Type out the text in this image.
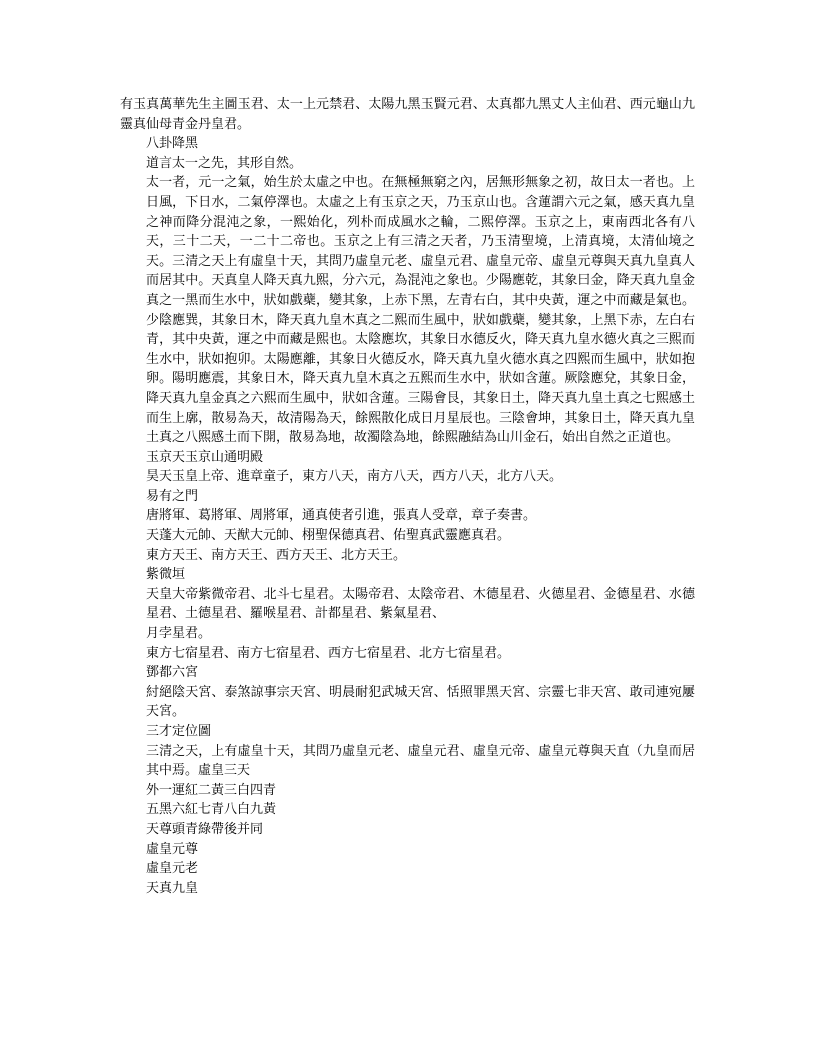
有玉真萬華先生主圖玉君、太一上元禁君、太陽九黑玉賢元君、太真都九黑丈人主仙君、西元龜山九靈真仙母青金丹皇君。

八卦降黑

道言太一之先，其形自然。

太一者，元一之氣，始生於太虛之中也。在無極無窮之內，居無形無象之初，故日太一者也。上日風，下日水，二氣停澤也。太虛之上有玉京之天，乃玉京山也。含蓮謂六元之氣，感天真九皇之神而降分混沌之象，一熙始化，列朴而成風水之輪，二熙停澤。玉京之上，東南西北各有八天，三十二天，一二十二帝也。玉京之上有三清之天者，乃玉清聖境，上清真境，太清仙境之天。三清之天上有虛皇十天，其問乃虛皇元老、虛皇元君、虛皇元帝、虛皇元尊與天真九皇真人而居其中。天真皇人降天真九熙，分六元，為混沌之象也。少陽應乾，其象曰金，降天真九皇金真之一黑而生水中，狀如戲蘗，變其象，上赤下黑，左青右白，其中央黃，運之中而藏是氣也。少陰應巽，其象日木，降天真九皇木真之二熙而生風中，狀如戲蘗，變其象，上黑下赤，左白右青，其中央黃，運之中而藏是熙也。太陰應坎，其象日水德反火，降天真九皇水德火真之三熙而生水中，狀如抱卯。太陽應離，其象日火德反水，降天真九皇火德水真之四熙而生風中，狀如抱卵。陽明應震，其象日木，降天真九皇木真之五熙而生水中，狀如含蓮。厥陰應兌，其象日金，降天真九皇金真之六熙而生風中，狀如含蓮。三陽會艮，其象日土，降天真九皇土真之七熙感土而生上廓，散易為天，故清陽為天，餘熙散化成日月星辰也。三陰會坤，其象日土，降天真九皇土真之八熙感土而下開，散易為地，故濁陰為地，餘熙融結為山川金石，始出自然之正道也。

玉京天玉京山通明殿

昊天玉皇上帝、進章童子，東方八天，南方八天，西方八天，北方八天。

易有之門

唐將軍、葛將軍、周將軍，通真使者引進，張真人受章，章子奏書。

天蓬大元帥、天猷大元帥、栩聖保德真君、佑聖真武靈應真君。

東方天王、南方天王、西方天王、北方天王。

紫微垣

天皇大帝紫微帝君、北斗七星君。太陽帝君、太陰帝君、木德星君、火德星君、金德星君、水德星君、土德星君、羅喉星君、計都星君、紫氣星君、

月孛星君。

東方七宿星君、南方七宿星君、西方七宿星君、北方七宿星君。

鄧都六宮

紂絕陰天宮、泰煞諒事宗天宮、明晨耐犯武城天宮、恬照罪黑天宮、宗靈七非天宮、敢司連宛屢天宮。

三才定位圖

三清之天，上有虛皇十天，其問乃虛皇元老、虛皇元君、虛皇元帝、虛皇元尊與天直（九皇而居其中焉。虛皇三天

外一運紅二黃三白四青

五黑六紅七青八白九黃

天尊頭青綠帶後并同

虛皇元尊

虛皇元老

天真九皇
